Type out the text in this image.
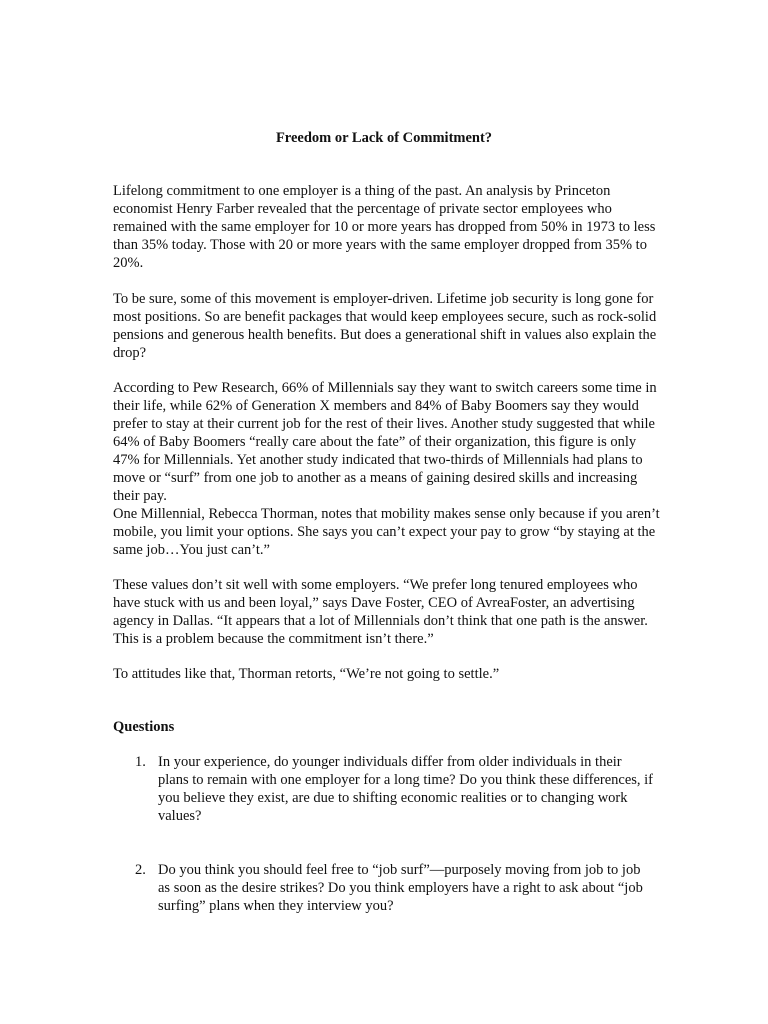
Freedom or Lack of Commitment?

Lifelong commitment to one employer is a thing of the past. An analysis by Princeton economist Henry Farber revealed that the percentage of private sector employees who remained with the same employer for 10 or more years has dropped from 50% in 1973 to less than 35% today. Those with 20 or more years with the same employer dropped from 35% to 20%.

To be sure, some of this movement is employer-driven. Lifetime job security is long gone for most positions. So are benefit packages that would keep employees secure, such as rock-solid pensions and generous health benefits. But does a generational shift in values also explain the drop?

According to Pew Research, 66% of Millennials say they want to switch careers some time in their life, while 62% of Generation X members and 84% of Baby Boomers say they would prefer to stay at their current job for the rest of their lives. Another study suggested that while 64% of Baby Boomers “really care about the fate” of their organization, this figure is only 47% for Millennials. Yet another study indicated that two-thirds of Millennials had plans to move or “surf” from one job to another as a means of gaining desired skills and increasing their pay.

One Millennial, Rebecca Thorman, notes that mobility makes sense only because if you aren’t mobile, you limit your options. She says you can’t expect your pay to grow “by staying at the same job…You just can’t.”

These values don’t sit well with some employers. “We prefer long tenured employees who have stuck with us and been loyal,” says Dave Foster, CEO of AvreaFoster, an advertising agency in Dallas. “It appears that a lot of Millennials don’t think that one path is the answer. This is a problem because the commitment isn’t there.”

To attitudes like that, Thorman retorts, “We’re not going to settle.”

Questions
1. In your experience, do younger individuals differ from older individuals in their plans to remain with one employer for a long time? Do you think these differences, if you believe they exist, are due to shifting economic realities or to changing work values?
2. Do you think you should feel free to “job surf”—purposely moving from job to job as soon as the desire strikes? Do you think employers have a right to ask about “job surfing” plans when they interview you?
